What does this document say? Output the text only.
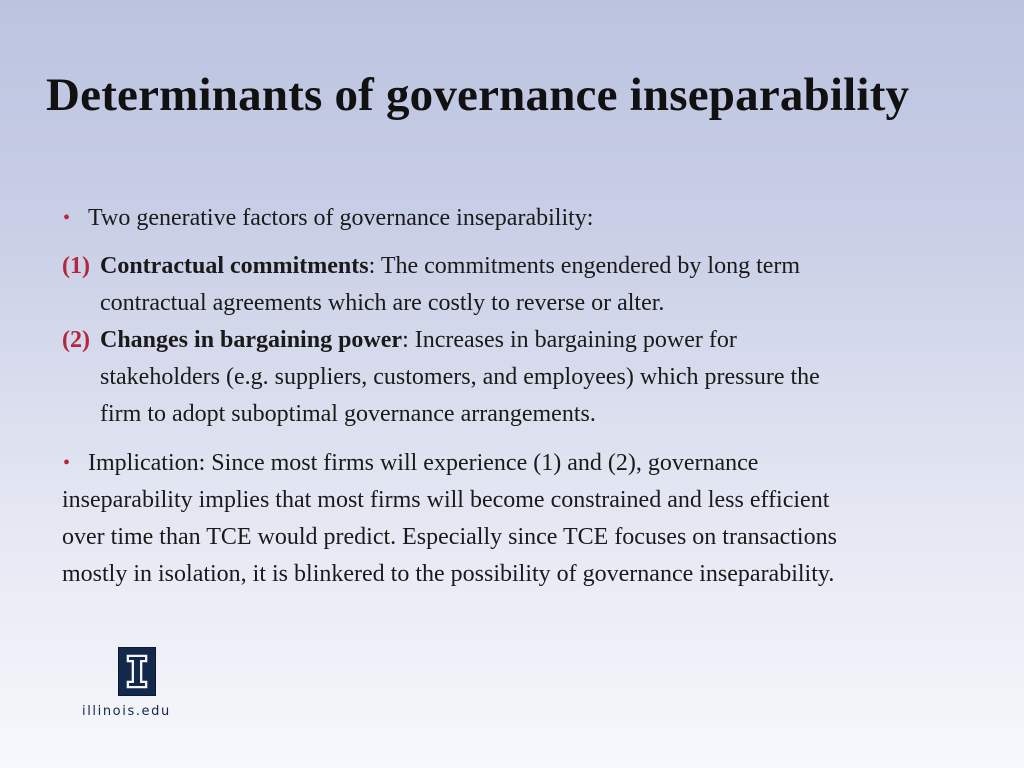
Determinants of governance inseparability
• Two generative factors of governance inseparability:
(1) Contractual commitments: The commitments engendered by long term
contractual agreements which are costly to reverse or alter.
(2) Changes in bargaining power: Increases in bargaining power for
stakeholders (e.g. suppliers, customers, and employees) which pressure the
firm to adopt suboptimal governance arrangements.
• Implication: Since most firms will experience (1) and (2), governance
inseparability implies that most firms will become constrained and less efficient
over time than TCE would predict. Especially since TCE focuses on transactions
mostly in isolation, it is blinkered to the possibility of governance inseparability.
illinois.edu
